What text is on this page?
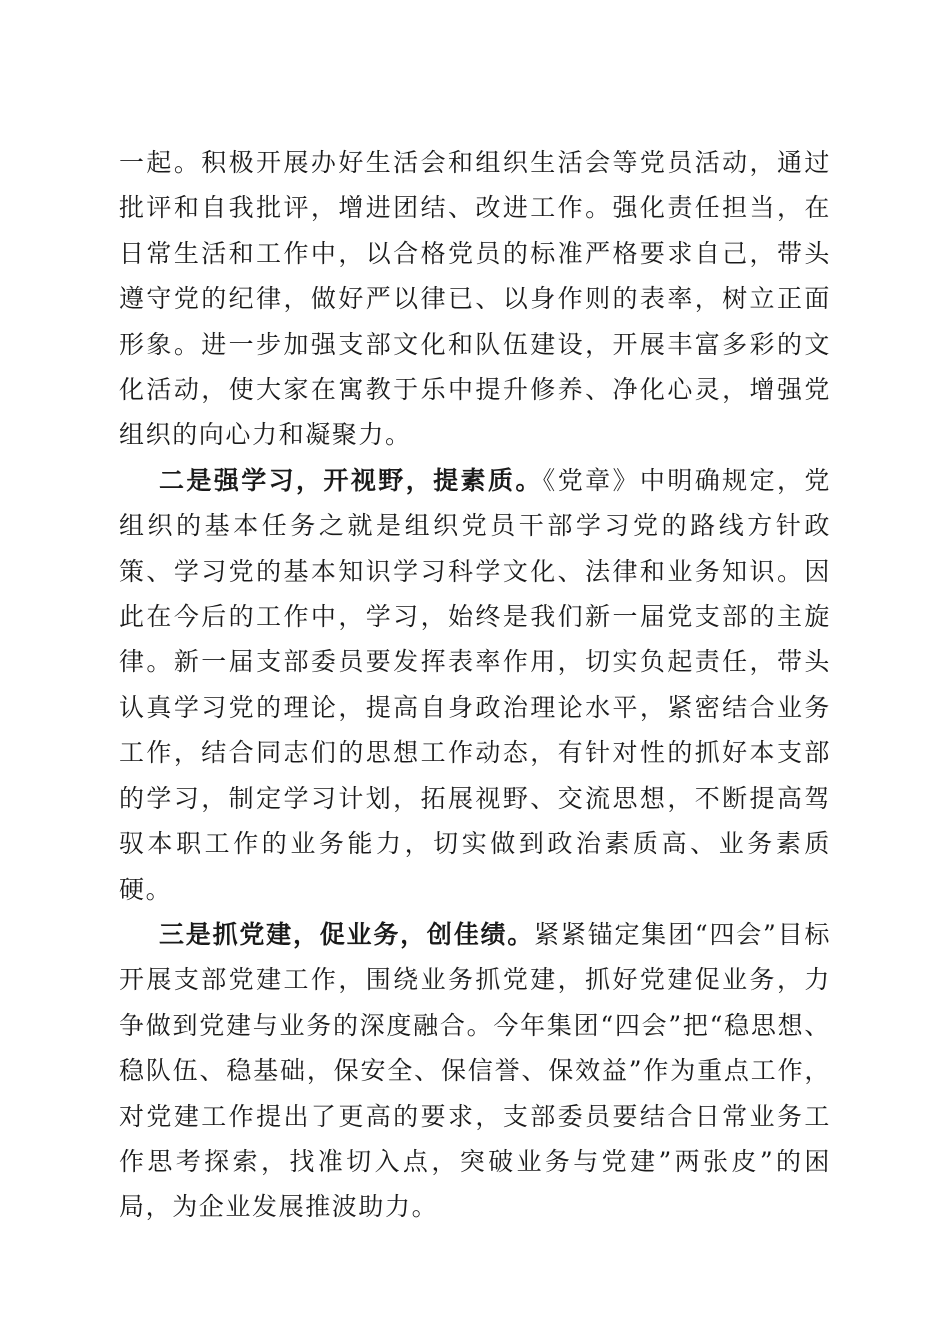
一起。积极开展办好生活会和组织生活会等党员活动，通过批评和自我批评，增进团结、改进工作。强化责任担当，在日常生活和工作中，以合格党员的标准严格要求自己，带头遵守党的纪律，做好严以律已、以身作则的表率，树立正面形象。进一步加强支部文化和队伍建设，开展丰富多彩的文化活动，使大家在寓教于乐中提升修养、净化心灵，增强党组织的向心力和凝聚力。

二是强学习，开视野，提素质。《党章》中明确规定，党组织的基本任务之就是组织党员干部学习党的路线方针政策、学习党的基本知识学习科学文化、法律和业务知识。因此在今后的工作中，学习，始终是我们新一届党支部的主旋律。新一届支部委员要发挥表率作用，切实负起责任，带头认真学习党的理论，提高自身政治理论水平，紧密结合业务工作，结合同志们的思想工作动态，有针对性的抓好本支部的学习，制定学习计划，拓展视野、交流思想，不断提高驾驭本职工作的业务能力，切实做到政治素质高、业务素质硬。

三是抓党建，促业务，创佳绩。紧紧锚定集团“四会”目标开展支部党建工作，围绕业务抓党建，抓好党建促业务，力争做到党建与业务的深度融合。今年集团“四会”把“稳思想、稳队伍、稳基础，保安全、保信誉、保效益”作为重点工作，对党建工作提出了更高的要求，支部委员要结合日常业务工作思考探索，找准切入点，突破业务与党建”两张皮”的困局，为企业发展推波助力。
